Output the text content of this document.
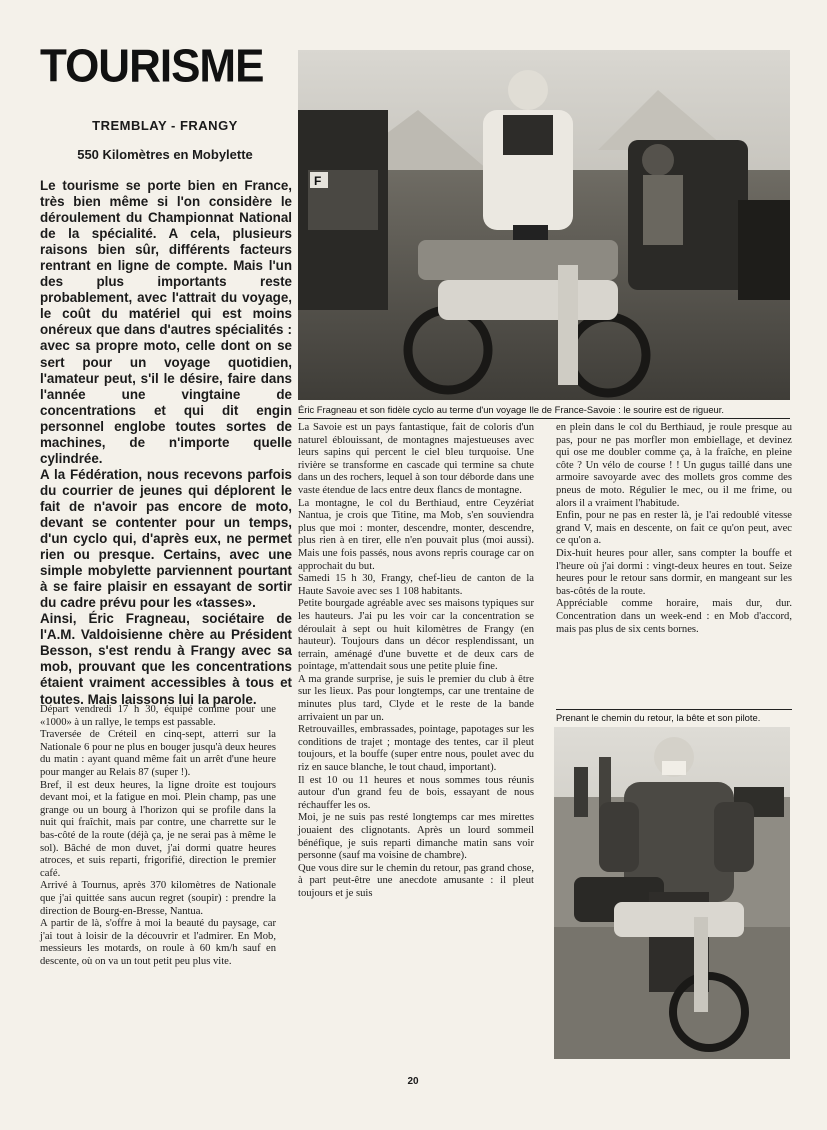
TOURISME
TREMBLAY - FRANGY
550 Kilomètres en Mobylette

Le tourisme se porte bien en France, très bien même si l'on considère le déroulement du Championnat National de la spécialité. A cela, plusieurs raisons bien sûr, différents facteurs rentrant en ligne de compte. Mais l'un des plus importants reste probablement, avec l'attrait du voyage, le coût du matériel qui est moins onéreux que dans d'autres spécialités : avec sa propre moto, celle dont on se sert pour un voyage quotidien, l'amateur peut, s'il le désire, faire dans l'année une vingtaine de concentrations et qui dit engin personnel englobe toutes sortes de machines, de n'importe quelle cylindrée.

A la Fédération, nous recevons parfois du courrier de jeunes qui déplorent le fait de n'avoir pas encore de moto, devant se contenter pour un temps, d'un cyclo qui, d'après eux, ne permet rien ou presque. Certains, avec une simple mobylette parviennent pourtant à se faire plaisir en essayant de sortir du cadre prévu pour les «tasses».

Ainsi, Éric Fragneau, sociétaire de l'A.M. Valdoisienne chère au Président Besson, s'est rendu à Frangy avec sa mob, prouvant que les concentrations étaient vraiment accessibles à tous et toutes. Mais laissons lui la parole.

Départ vendredi 17 h 30, équipé comme pour une «1000» à un rallye, le temps est passable.

Traversée de Créteil en cinq-sept, atterri sur la Nationale 6 pour ne plus en bouger jusqu'à deux heures du matin : ayant quand même fait un arrêt d'une heure pour manger au Relais 87 (super !).

Bref, il est deux heures, la ligne droite est toujours devant moi, et la fatigue en moi. Plein champ, pas une grange ou un bourg à l'horizon qui se profile dans la nuit qui fraîchit, mais par contre, une charrette sur le bas-côté de la route (déjà ça, je ne serai pas à même le sol). Bâché de mon duvet, j'ai dormi quatre heures atroces, et suis reparti, frigorifié, direction le premier café.

Arrivé à Tournus, après 370 kilomètres de Nationale que j'ai quittée sans aucun regret (soupir) : prendre la direction de Bourg-en-Bresse, Nantua.

A partir de là, s'offre à moi la beauté du paysage, car j'ai tout à loisir de la découvrir et l'admirer. En Mob, messieurs les motards, on roule à 60 km/h sauf en descente, où on va un tout petit peu plus vite.

F
Éric Fragneau et son fidèle cyclo au terme d'un voyage Ile de France-Savoie : le sourire est de rigueur.

La Savoie est un pays fantastique, fait de coloris d'un naturel éblouissant, de montagnes majestueuses avec leurs sapins qui percent le ciel bleu turquoise. Une rivière se transforme en cascade qui termine sa chute dans un des rochers, lequel à son tour déborde dans une vaste étendue de lacs entre deux flancs de montagne.

La montagne, le col du Berthiaud, entre Ceyzériat Nantua, je crois que Titine, ma Mob, s'en souviendra plus que moi : monter, descendre, monter, descendre, plus rien à en tirer, elle n'en pouvait plus (moi aussi). Mais une fois passés, nous avons repris courage car on approchait du but.

Samedi 15 h 30, Frangy, chef-lieu de canton de la Haute Savoie avec ses 1 108 habitants.

Petite bourgade agréable avec ses maisons typiques sur les hauteurs. J'ai pu les voir car la concentration se déroulait à sept ou huit kilomètres de Frangy (en hauteur). Toujours dans un décor resplendissant, un terrain, aménagé d'une buvette et de deux cars de pointage, m'attendait sous une petite pluie fine.

A ma grande surprise, je suis le premier du club à être sur les lieux. Pas pour longtemps, car une trentaine de minutes plus tard, Clyde et le reste de la bande arrivaient un par un.

Retrouvailles, embrassades, pointage, papotages sur les conditions de trajet ; montage des tentes, car il pleut toujours, et la bouffe (super entre nous, poulet avec du riz en sauce blanche, le tout chaud, important).

Il est 10 ou 11 heures et nous sommes tous réunis autour d'un grand feu de bois, essayant de nous réchauffer les os.

Moi, je ne suis pas resté longtemps car mes mirettes jouaient des clignotants. Après un lourd sommeil bénéfique, je suis reparti dimanche matin sans voir personne (sauf ma voisine de chambre).

Que vous dire sur le chemin du retour, pas grand chose, à part peut-être une anecdote amusante : il pleut toujours et je suis

en plein dans le col du Berthiaud, je roule presque au pas, pour ne pas morfler mon embiellage, et devinez qui ose me doubler comme ça, à la fraîche, en pleine côte ? Un vélo de course ! ! Un gugus taillé dans une armoire savoyarde avec des mollets gros comme des pneus de moto. Régulier le mec, ou il me frime, ou alors il a vraiment l'habitude.

Enfin, pour ne pas en rester là, je l'ai redoublé vitesse grand V, mais en descente, on fait ce qu'on peut, avec ce qu'on a.

Dix-huit heures pour aller, sans compter la bouffe et l'heure où j'ai dormi : vingt-deux heures en tout. Seize heures pour le retour sans dormir, en mangeant sur les bas-côtés de la route.

Appréciable comme horaire, mais dur, dur. Concentration dans un week-end : en Mob d'accord, mais pas plus de six cents bornes.

Prenant le chemin du retour, la bête et son pilote.
20
